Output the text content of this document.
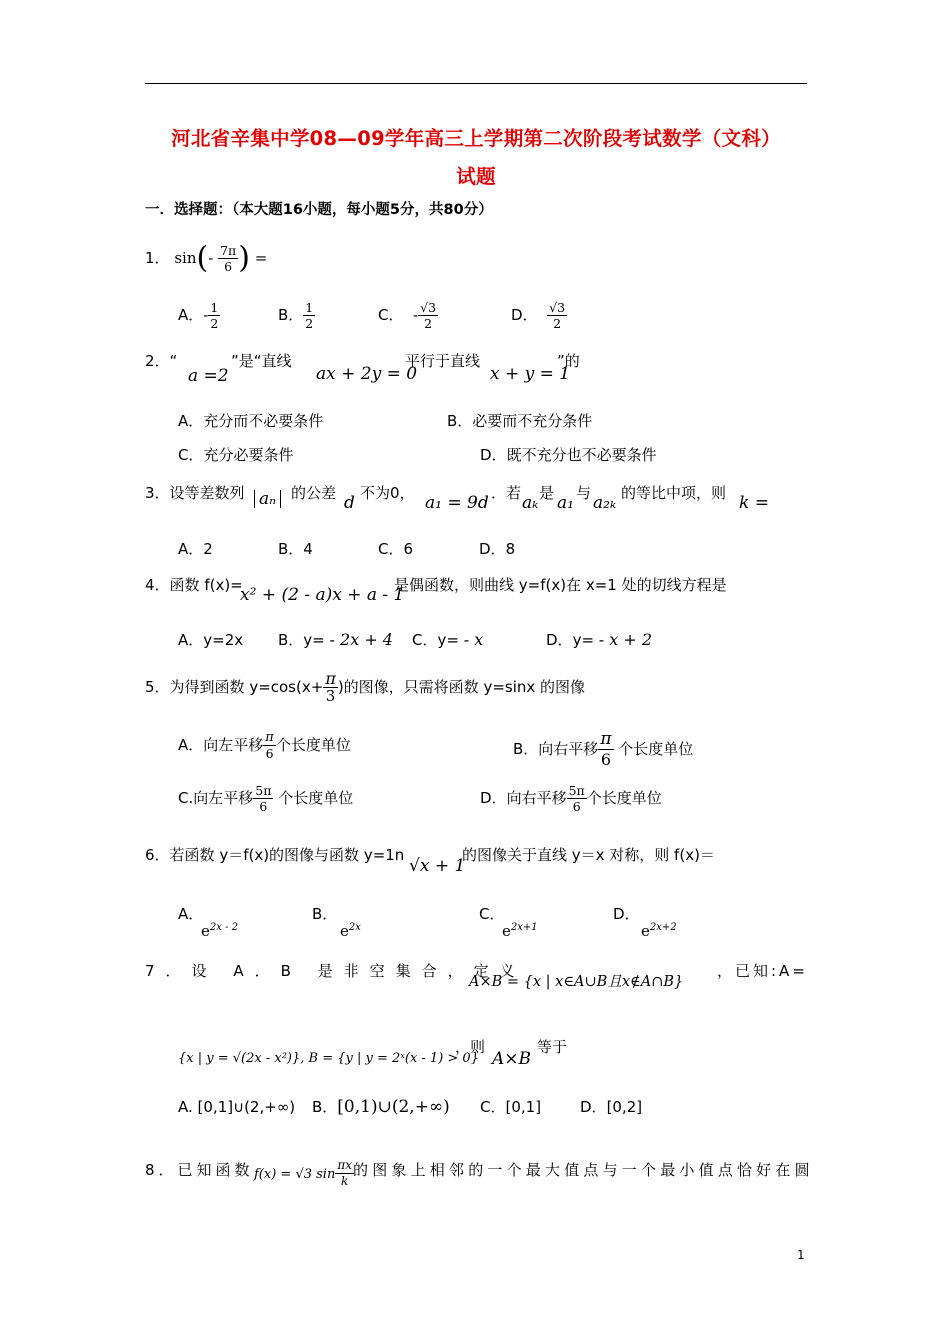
河北省辛集中学08—09学年高三上学期第二次阶段考试数学（文科）
试题
一．选择题：（本大题16小题，每小题5分，共80分）
1． $\sin(- \frac{7\pi}{6}$ ) =
A．- $\frac{1}{2}$	B． $\frac{1}{2}$	C． - $\frac{√3}{2}$	D． $\frac{√3}{2}$
2．“
a =2
”是“直线
ax + 2y = 0
平行于直线
x + y = 1
”的
A．充分而不必要条件	B．必要而不充分条件
C．充分必要条件	D．既不充分也不必要条件
3．设等差数列 aₙ 的公差 d 不为0， a₁ = 9d ．若 aₖ 是 a₁ 与 a₂ₖ 的等比中项，则 k =
A．2	B．4	C．6	D．8
4．函数 f(x)=
x² + (2 - a)x + a - 1
是偶函数，则曲线 y=f(x)在 x=1 处的切线方程是
A．y=2x B．y= - 2x + 4 C．y= - x	D．y= - x + 2
5．为得到函数 $y=\cos(x+ \frac{\pi}{3}$ )的图像，只需将函数 y=sinx 的图像
A．向左平移 $\frac{\pi}{6}$ 个长度单位	B．向右平移 $\frac{\pi}{6}$ 个长度单位
C.向左平移 $\frac{5\pi}{6}$ 个长度单位	D．向右平移 $\frac{5\pi}{6}$ 个长度单位
6．若函数 y＝f(x)的图像与函数 y=1n
√x + 1
的图像关于直线 y＝x 对称，则 f(x)＝
A．
$e^{2x - 2}$
B．
$e^{2x}$
C．
$e^{2x+1}$
D．
$e^{2x+2}$
7．设 A．B 是非空集合，定义
A×B = {x | x∈A∪B且x∉A∩B}
，已知:A=
{x | y = √(2x - x²)}, B = {y | y = 2ˣ(x - 1) > 0}
，则
A×B
等于
A. [0,1]∪(2,+∞) B．[0,1)∪(2,+∞) C．[0,1]	D．[0,2]
8．已知函数 f(x) = √3 $\sin \frac{\pi x}{k}$ 的图象上相邻的一个最大值点与一个最小值点恰好在圆
1
